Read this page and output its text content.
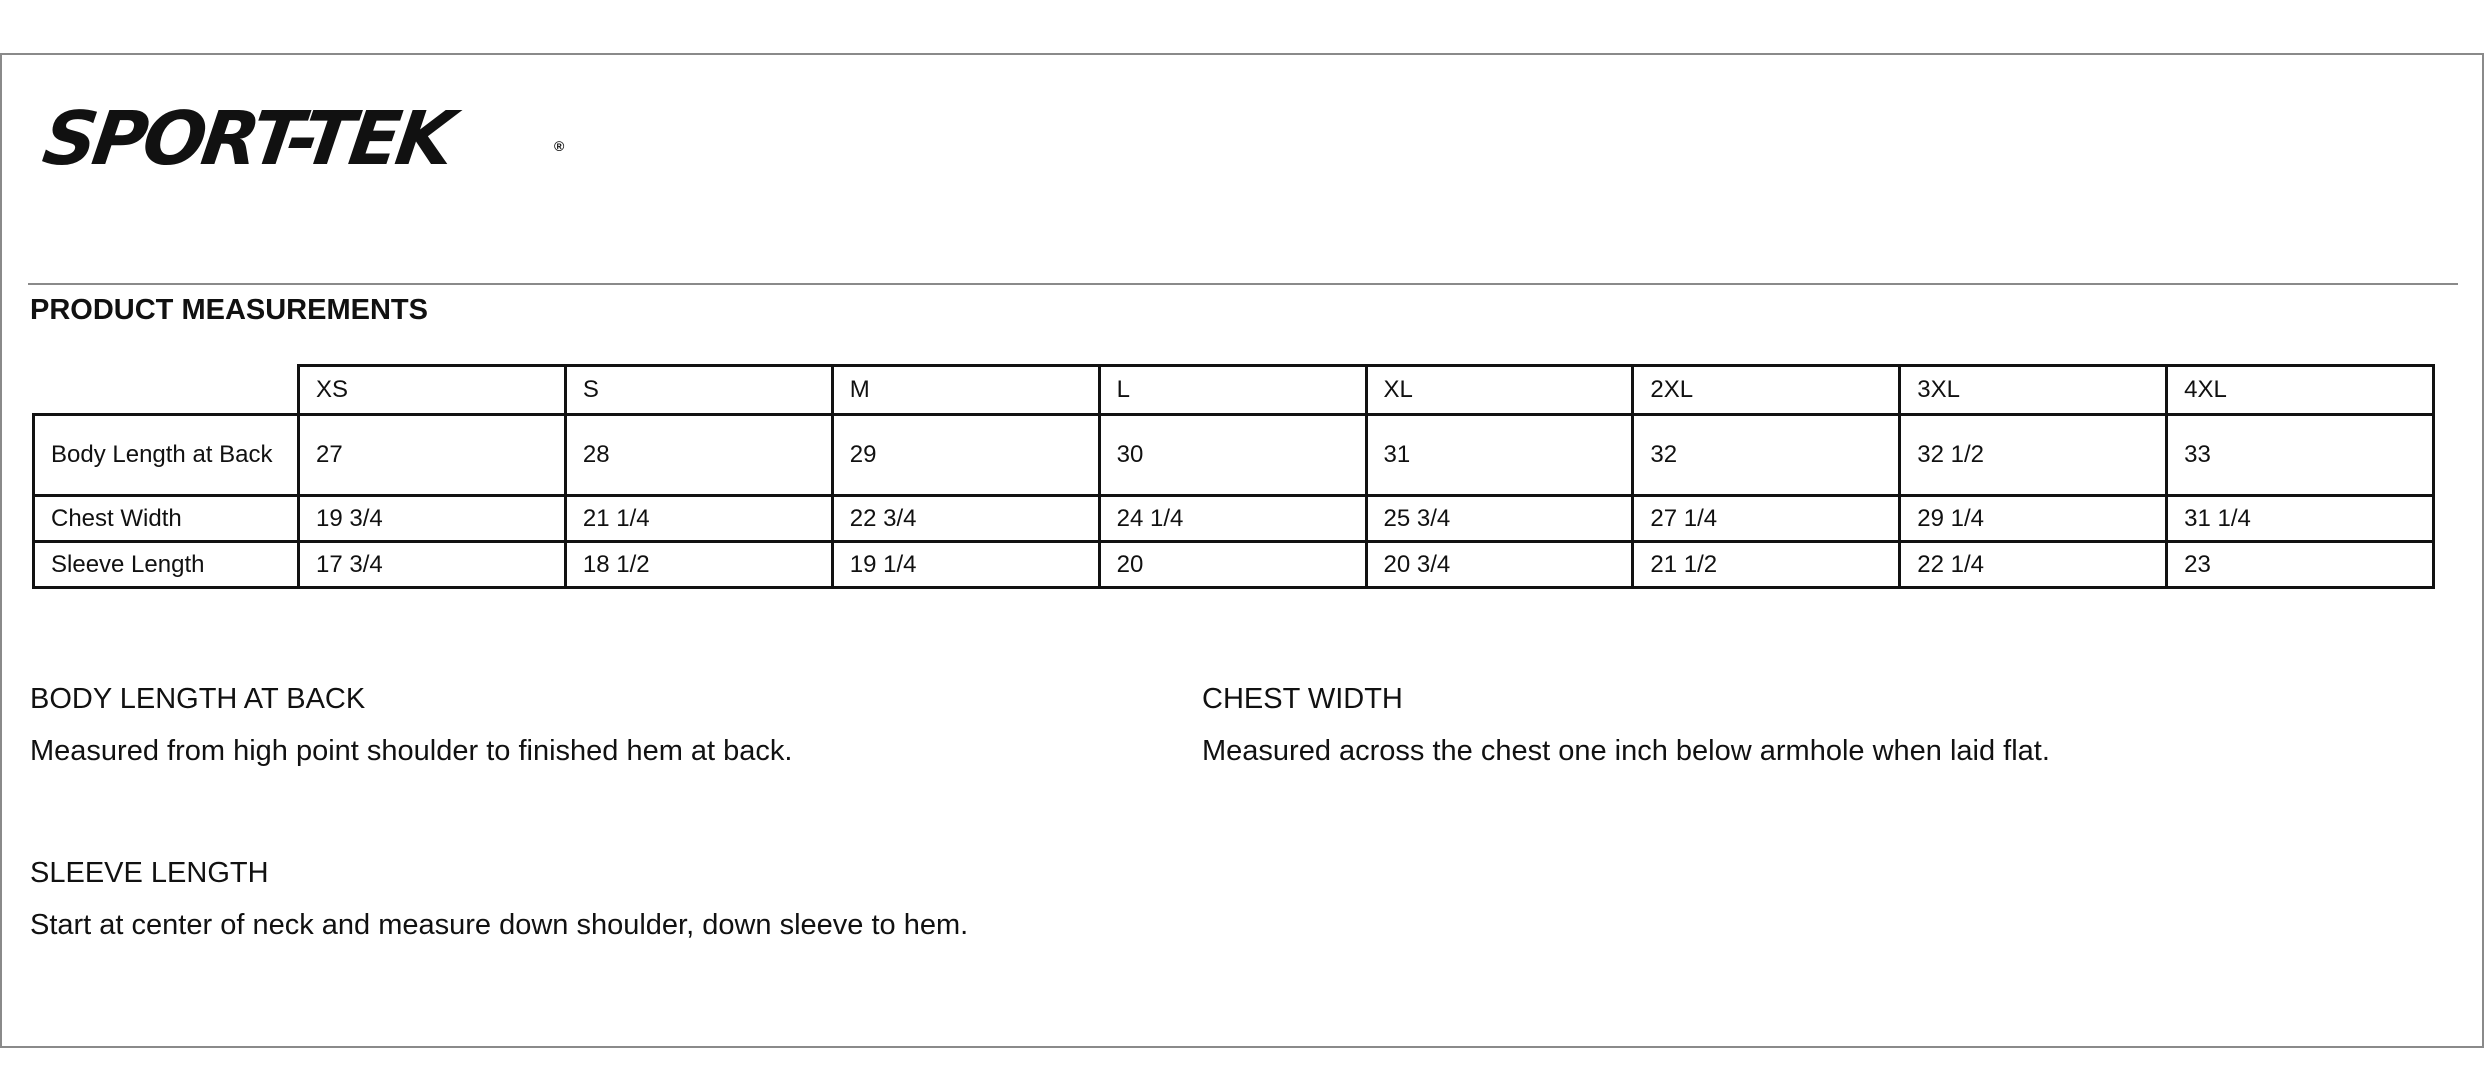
SPORT-TEK	®
PRODUCT MEASUREMENTS
	XS	S	M	L	XL	2XL	3XL	4XL
Body Length at Back	27	28	29	30	31	32	32 1/2	33
Chest Width	19 3/4	21 1/4	22 3/4	24 1/4	25 3/4	27 1/4	29 1/4	31 1/4
Sleeve Length	17 3/4	18 1/2	19 1/4	20	20 3/4	21 1/2	22 1/4	23

BODY LENGTH AT BACK

Measured from high point shoulder to finished hem at back.

CHEST WIDTH

Measured across the chest one inch below armhole when laid flat.

SLEEVE LENGTH

Start at center of neck and measure down shoulder, down sleeve to hem.
